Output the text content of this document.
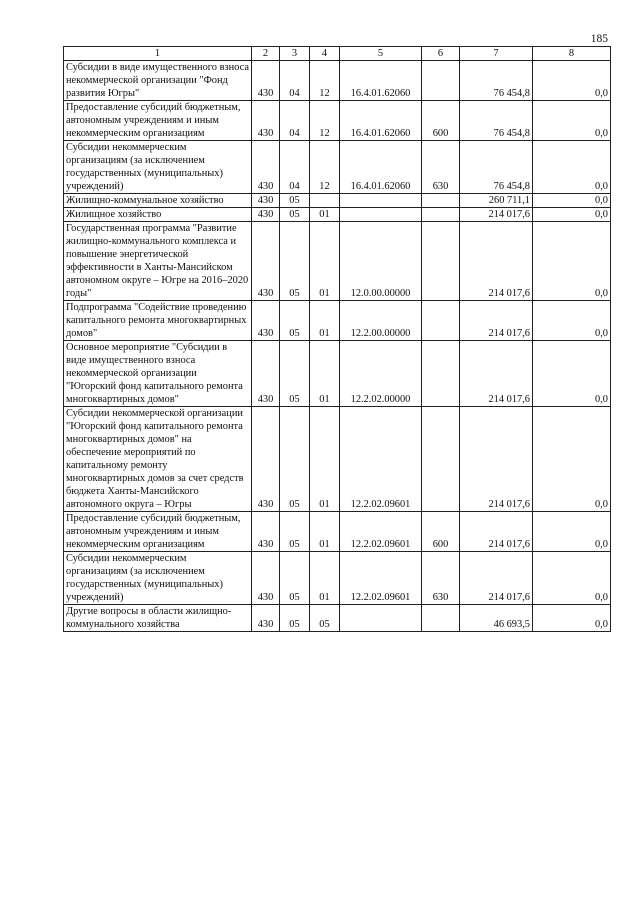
185
1	2	3	4	5	6	7	8
Субсидии в виде имущественного взноса некоммерческой организации "Фонд развития Югры"	430	04	12	16.4.01.62060		76 454,8	0,0
Предоставление субсидий бюджетным, автономным учреждениям и иным некоммерческим организациям	430	04	12	16.4.01.62060	600	76 454,8	0,0
Субсидии некоммерческим организациям (за исключением государственных (муниципальных) учреждений)	430	04	12	16.4.01.62060	630	76 454,8	0,0
Жилищно-коммунальное хозяйство	430	05				260 711,1	0,0
Жилищное хозяйство	430	05	01			214 017,6	0,0
Государственная программа "Развитие жилищно-коммунального комплекса и повышение энергетической эффективности в Ханты-Мансийском автономном округе – Югре на 2016–2020 годы"	430	05	01	12.0.00.00000		214 017,6	0,0
Подпрограмма "Содействие проведению капитального ремонта многоквартирных домов"	430	05	01	12.2.00.00000		214 017,6	0,0
Основное мероприятие "Субсидии в виде имущественного взноса некоммерческой организации "Югорский фонд капитального ремонта многоквартирных домов"	430	05	01	12.2.02.00000		214 017,6	0,0
Субсидии некоммерческой организации "Югорский фонд капитального ремонта многоквартирных домов" на обеспечение мероприятий по капитальному ремонту многоквартирных домов за счет средств бюджета Ханты-Мансийского автономного округа – Югры	430	05	01	12.2.02.09601		214 017,6	0,0
Предоставление субсидий бюджетным, автономным учреждениям и иным некоммерческим организациям	430	05	01	12.2.02.09601	600	214 017,6	0,0
Субсидии некоммерческим организациям (за исключением государственных (муниципальных) учреждений)	430	05	01	12.2.02.09601	630	214 017,6	0,0
Другие вопросы в области жилищно-коммунального хозяйства	430	05	05			46 693,5	0,0
